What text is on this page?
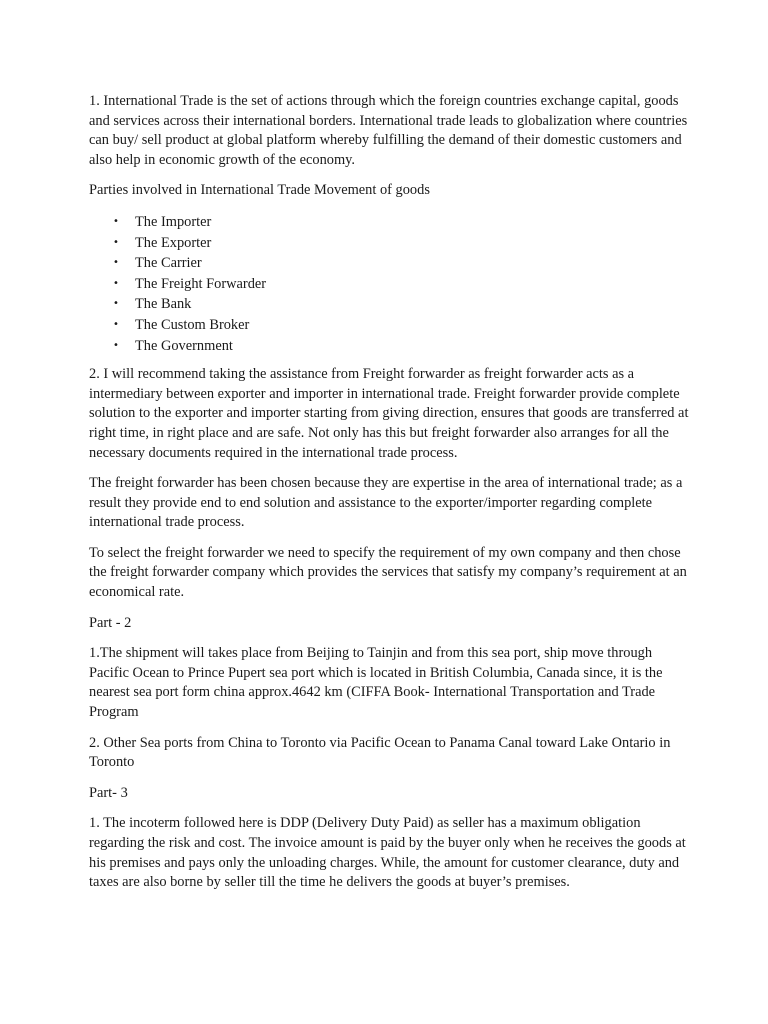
1. International Trade is the set of actions through which the foreign countries exchange capital, goods and services across their international borders. International trade leads to globalization where countries can buy/ sell product at global platform whereby fulfilling the demand of their domestic customers and also help in economic growth of the economy.

Parties involved in International Trade Movement of goods

• The Importer
• The Exporter
• The Carrier
• The Freight Forwarder
• The Bank
• The Custom Broker
• The Government

2. I will recommend taking the assistance from Freight forwarder as freight forwarder acts as a intermediary between exporter and importer in international trade. Freight forwarder provide complete solution to the exporter and importer starting from giving direction, ensures that goods are transferred at right time, in right place and are safe. Not only has this but freight forwarder also arranges for all the necessary documents required in the international trade process.

The freight forwarder has been chosen because they are expertise in the area of international trade; as a result they provide end to end solution and assistance to the exporter/importer regarding complete international trade process.

To select the freight forwarder we need to specify the requirement of my own company and then chose the freight forwarder company which provides the services that satisfy my company’s requirement at an economical rate.

Part - 2

1.The shipment will takes place from Beijing to Tainjin and from this sea port, ship move through Pacific Ocean to Prince Pupert sea port which is located in British Columbia, Canada since, it is the nearest sea port form china approx.4642 km (CIFFA Book- International Transportation and Trade Program

2. Other Sea ports from China to Toronto via Pacific Ocean to Panama Canal toward Lake Ontario in Toronto

Part- 3

1. The incoterm followed here is DDP (Delivery Duty Paid) as seller has a maximum obligation regarding the risk and cost. The invoice amount is paid by the buyer only when he receives the goods at his premises and pays only the unloading charges. While, the amount for customer clearance, duty and taxes are also borne by seller till the time he delivers the goods at buyer’s premises.
